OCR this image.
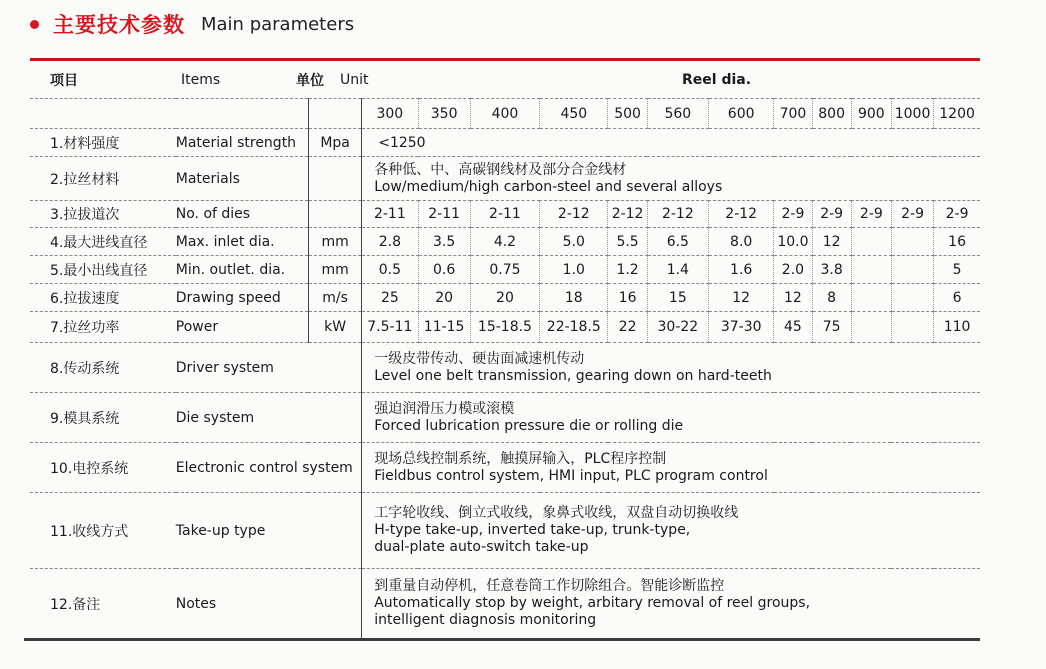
主要技术参数 Main parameters
项目	Items	单位 Unit	Reel dia.
			300	350	400	450	500	560	600	700	800	900	1000	1200
1.材料强度	Material strength	Mpa	<1250											
2.拉丝材料	Materials		各种低、中、高碳钢线材及部分合金线材
Low/medium/high carbon-steel and several alloys											

3.拉拔道次	No. of dies		2-11	2-11	2-11	2-12	2-12	2-12	2-12	2-9	2-9	2-9	2-9	2-9
4.最大进线直径	Max. inlet dia.	mm	2.8	3.5	4.2	5.0	5.5	6.5	8.0	10.0	12			16
5.最小出线直径	Min. outlet. dia.	mm	0.5	0.6	0.75	1.0	1.2	1.4	1.6	2.0	3.8			5
6.拉拔速度	Drawing speed	m/s	25	20	20	18	16	15	12	12	8			6
7.拉丝功率	Power	kW	7.5-11	11-15	15-18.5	22-18.5	22	30-22	37-30	45	75			110
8.传动系统	Driver system		一级皮带传动、硬齿面减速机传动
Level one belt transmission, gearing down on hard-teeth											

9.模具系统	Die system		强迫润滑压力模或滚模
Forced lubrication pressure die or rolling die											

10.电控系统	Electronic control system		现场总线控制系统，触摸屏输入，PLC程序控制
Fieldbus control system, HMI input, PLC program control											

11.收线方式	Take-up type		工字轮收线、倒立式收线，象鼻式收线，双盘自动切换收线
H-type take-up, inverted take-up, trunk-type,
dual-plate auto-switch take-up											

12.备注	Notes		到重量自动停机，任意卷筒工作切除组合。智能诊断监控
Automatically stop by weight, arbitary removal of reel groups,
intelligent diagnosis monitoring											
